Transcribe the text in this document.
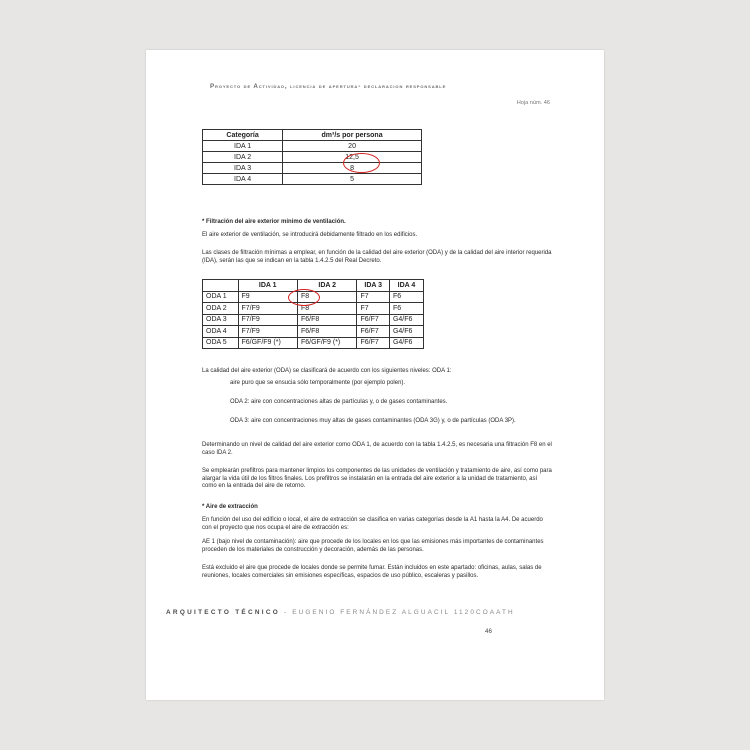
Proyecto de Actividad, licencia de apertura- declaracion responsable
Hoja núm. 46
Categoría	dm³/s por persona
IDA 1	20
IDA 2	12,5
IDA 3	8
IDA 4	5
* Filtración del aire exterior mínimo de ventilación.
El aire exterior de ventilación, se introducirá debidamente filtrado en los edificios.
Las clases de filtración mínimas a emplear, en función de la calidad del aire exterior (ODA) y de la calidad del aire interior requerida (IDA), serán las que se indican en la tabla 1.4.2.5 del Real Decreto.
	IDA 1	IDA 2	IDA 3	IDA 4
ODA 1	F9	F8	F7	F6
ODA 2	F7/F9	F8	F7	F6
ODA 3	F7/F9	F6/F8	F6/F7	G4/F6
ODA 4	F7/F9	F6/F8	F6/F7	G4/F6
ODA 5	F6/GF/F9 (*)	F6/GF/F9 (*)	F6/F7	G4/F6
La calidad del aire exterior (ODA) se clasificará de acuerdo con los siguientes niveles: ODA 1:
aire puro que se ensucia sólo temporalmente (por ejemplo polen).
ODA 2: aire con concentraciones altas de partículas y, o de gases contaminantes.
ODA 3: aire con concentraciones muy altas de gases contaminantes (ODA 3G) y, o de partículas (ODA 3P).
Determinando un nivel de calidad del aire exterior como ODA 1, de acuerdo con la tabla 1.4.2.5, es necesaria una filtración F8 en el caso IDA 2.
Se emplearán prefiltros para mantener limpios los componentes de las unidades de ventilación y tratamiento de aire, así como para alargar la vida útil de los filtros finales. Los prefiltros se instalarán en la entrada del aire exterior a la unidad de tratamiento, así como en la entrada del aire de retorno.
* Aire de extracción
En función del uso del edificio o local, el aire de extracción se clasifica en varias categorías desde la A1 hasta la A4. De acuerdo con el proyecto que nos ocupa el aire de extracción es:
AE 1 (bajo nivel de contaminación): aire que procede de los locales en los que las emisiones más importantes de contaminantes proceden de los materiales de construcción y decoración, además de las personas.
Está excluido el aire que procede de locales donde se permite fumar. Están incluidos en este apartado: oficinas, aulas, salas de reuniones, locales comerciales sin emisiones específicas, espacios de uso público, escaleras y pasillos.
ARQUITECTO TÉCNICO - EUGENIO FERNÁNDEZ ALGUACIL 1120COAATH
46
